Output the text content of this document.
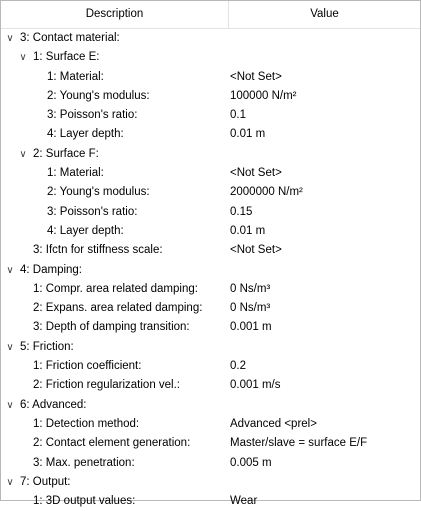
Description	Value
∨ 3: Contact material:
∨ 1: Surface E:
1: Material:	<Not Set>
2: Young's modulus:	100000 N/m²
3: Poisson's ratio:	0.1
4: Layer depth:	0.01 m
∨ 2: Surface F:
1: Material:	<Not Set>
2: Young's modulus:	2000000 N/m²
3: Poisson's ratio:	0.15
4: Layer depth:	0.01 m
3: Ifctn for stiffness scale:	<Not Set>
∨ 4: Damping:
1: Compr. area related damping:	0 Ns/m³
2: Expans. area related damping: 0 Ns/m³
3: Depth of damping transition:	0.001 m
∨ 5: Friction:
1: Friction coefficient:	0.2
2: Friction regularization vel.:	0.001 m/s
∨ 6: Advanced:
1: Detection method:	Advanced <prel>
2: Contact element generation:	Master/slave = surface E/F
3: Max. penetration:	0.005 m
∨ 7: Output:
1: 3D output values:	Wear
